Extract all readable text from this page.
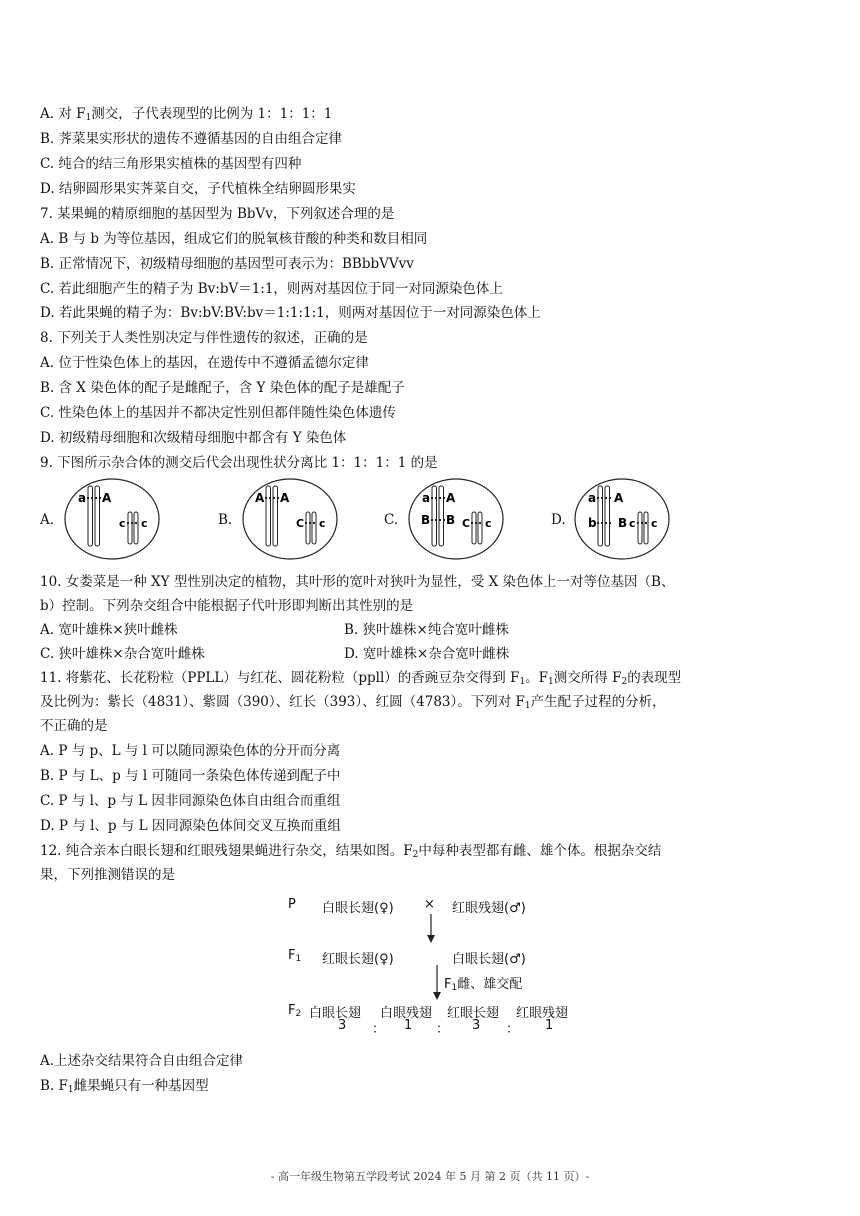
A. 对 $F_1$测交，子代表现型的比例为 1：1：1：1
B. 荠菜果实形状的遗传不遵循基因的自由组合定律
C. 纯合的结三角形果实植株的基因型有四种
D. 结卵圆形果实荠菜自交，子代植株全结卵圆形果实
7. 某果蝇的精原细胞的基因型为 BbVv，下列叙述合理的是
A. B 与 b 为等位基因，组成它们的脱氧核苷酸的种类和数目相同
B. 正常情况下，初级精母细胞的基因型可表示为：BBbbVVvv
C. 若此细胞产生的精子为 Bv:bV＝1:1，则两对基因位于同一对同源染色体上
D. 若此果蝇的精子为：Bv:bV:BV:bv＝1:1:1:1，则两对基因位于一对同源染色体上
8. 下列关于人类性别决定与伴性遗传的叙述，正确的是
A. 位于性染色体上的基因，在遗传中不遵循孟德尔定律
B. 含 X 染色体的配子是雌配子，含 Y 染色体的配子是雄配子
C. 性染色体上的基因并不都决定性别但都伴随性染色体遗传
D. 初级精母细胞和次级精母细胞中都含有 Y 染色体
9. 下图所示杂合体的测交后代会出现性状分离比 1：1：1：1 的是
A.	B.	C.	D.
a A
c c
A A
C c
a A
B B C c
a A
b B c c
10. 女娄菜是一种 XY 型性别决定的植物，其叶形的宽叶对狭叶为显性，受 X 染色体上一对等位基因（B、
b）控制。下列杂交组合中能根据子代叶形即判断出其性别的是
A. 宽叶雄株×狭叶雌株	B. 狭叶雄株×纯合宽叶雌株
C. 狭叶雄株×杂合宽叶雌株	D. 宽叶雄株×杂合宽叶雌株
11. 将紫花、长花粉粒（PPLL）与红花、圆花粉粒（ppll）的香豌豆杂交得到 $F_1$。$F_1$测交所得 $F_2$的表现型
及比例为：紫长（4831）、紫圆（390）、红长（393）、红圆（4783）。下列对 $F_1$产生配子过程的分析，
不正确的是
A. P 与 p、L 与 l 可以随同源染色体的分开而分离
B. P 与 L、p 与 l 可随同一条染色体传递到配子中
C. P 与 l、p 与 L 因非同源染色体自由组合而重组
D. P 与 l、p 与 L 因同源染色体间交叉互换而重组
12. 纯合亲本白眼长翅和红眼残翅果蝇进行杂交，结果如图。$F_2$中每种表型都有雌、雄个体。根据杂交结
果，下列推测错误的是
P 白眼长翅(♀) × 红眼残翅(♂)
$F_1$ 红眼长翅(♀)	白眼长翅(♂)
$F_1$雌、雄交配
$F_2$ 白眼长翅 白眼残翅 红眼长翅 红眼残翅
3 ： 1 ： 3 ： 1
A.上述杂交结果符合自由组合定律
B. $F_1$雌果蝇只有一种基因型
- 高一年级生物第五学段考试 2024 年 5 月 第 2 页（共 11 页）-
